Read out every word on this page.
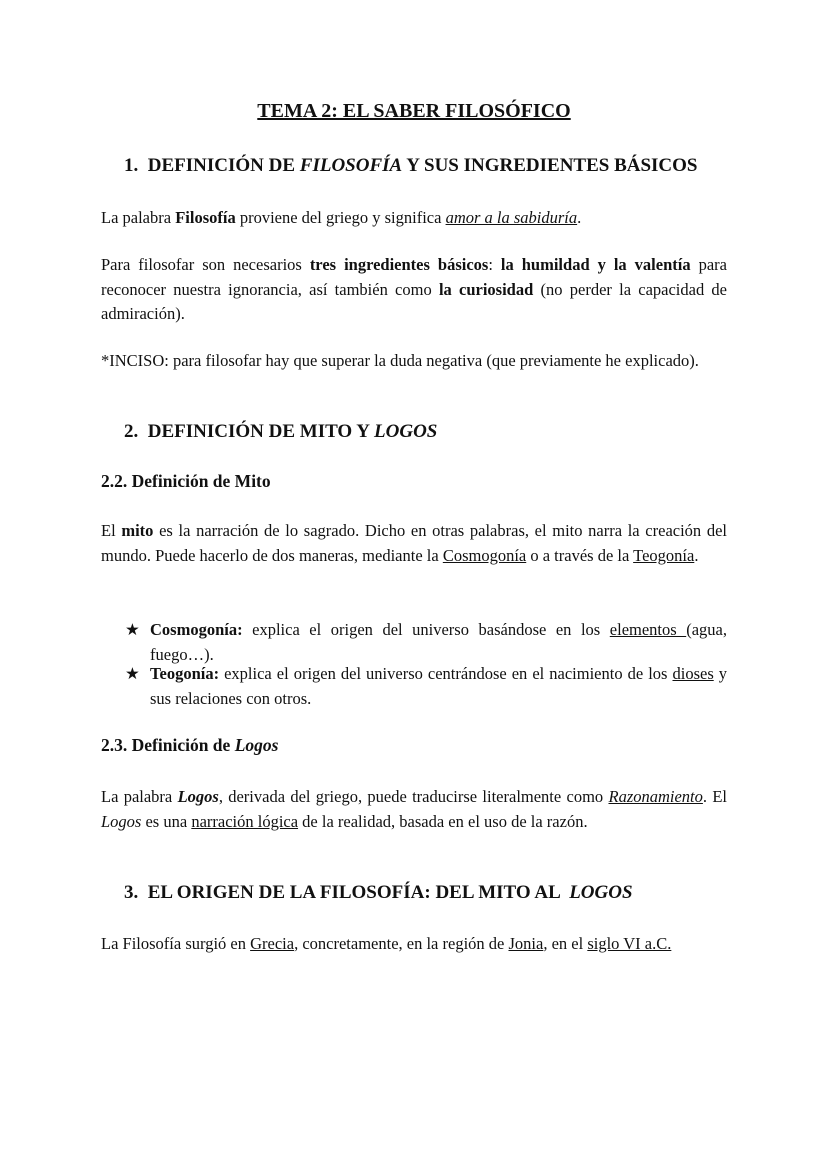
TEMA 2: EL SABER FILOSÓFICO
1. DEFINICIÓN DE FILOSOFÍA Y SUS INGREDIENTES BÁSICOS

La palabra Filosofía proviene del griego y significa amor a la sabiduría.

Para filosofar son necesarios tres ingredientes básicos: la humildad y la valentía para reconocer nuestra ignorancia, así también como la curiosidad (no perder la capacidad de admiración).

*INCISO: para filosofar hay que superar la duda negativa (que previamente he explicado).

2. DEFINICIÓN DE MITO Y LOGOS
2.2. Definición de Mito

El mito es la narración de lo sagrado. Dicho en otras palabras, el mito narra la creación del mundo. Puede hacerlo de dos maneras, mediante la Cosmogonía o a través de la Teogonía.

★ Cosmogonía: explica el origen del universo basándose en los elementos (agua, fuego…).

★ Teogonía: explica el origen del universo centrándose en el nacimiento de los dioses y sus relaciones con otros.

2.3. Definición de Logos

La palabra Logos, derivada del griego, puede traducirse literalmente como Razonamiento. El Logos es una narración lógica de la realidad, basada en el uso de la razón.

3. EL ORIGEN DE LA FILOSOFÍA: DEL MITO AL  LOGOS

La Filosofía surgió en Grecia, concretamente, en la región de Jonia, en el siglo VI a.C.
